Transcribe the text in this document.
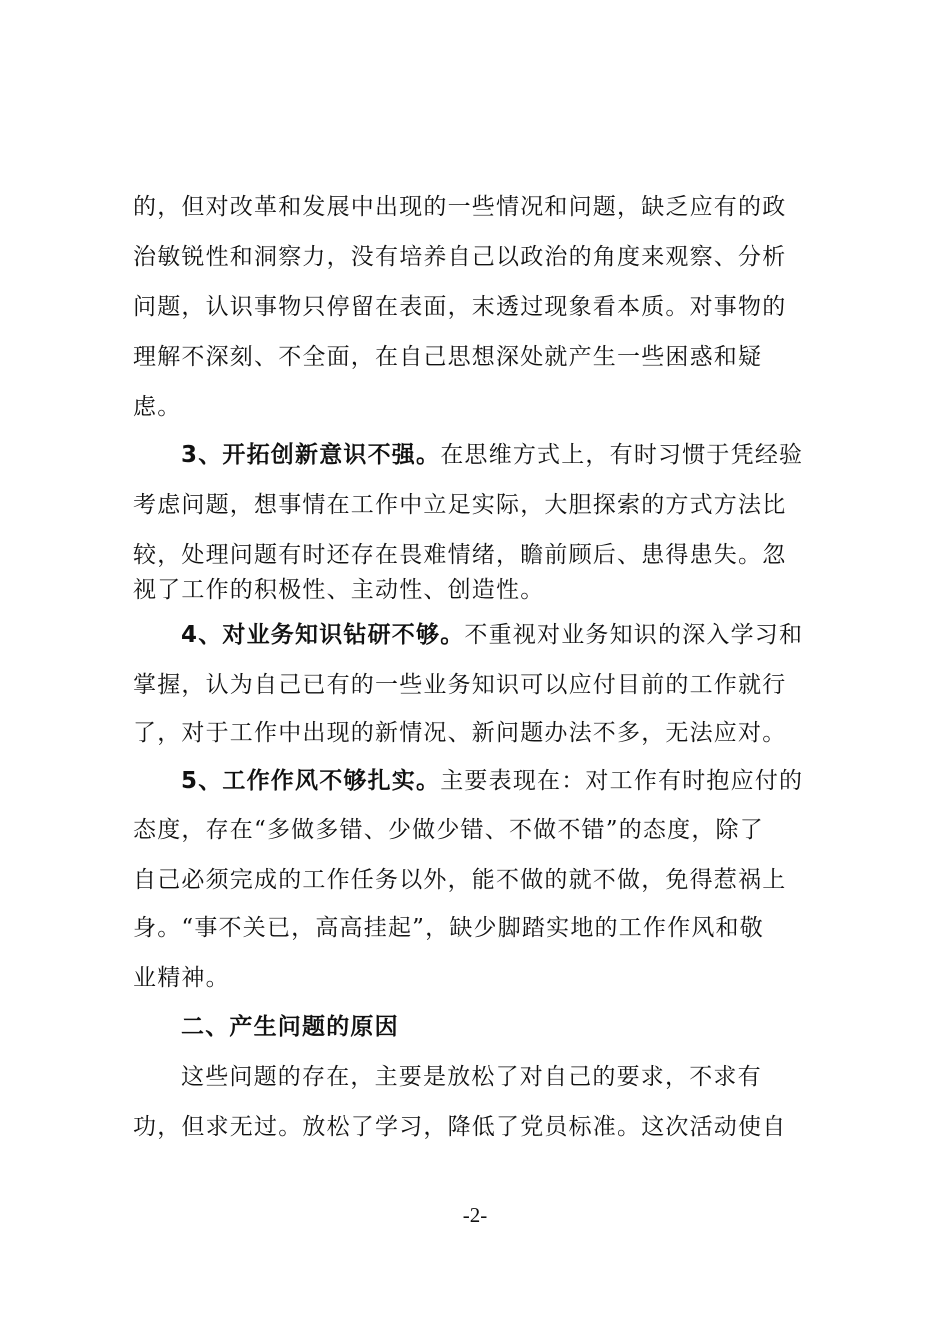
的，但对改革和发展中出现的一些情况和问题，缺乏应有的政
治敏锐性和洞察力，没有培养自己以政治的角度来观察、分析
问题，认识事物只停留在表面，末透过现象看本质。对事物的
理解不深刻、不全面，在自己思想深处就产生一些困惑和疑
虑。
3、开拓创新意识不强。在思维方式上，有时习惯于凭经验
考虑问题，想事情在工作中立足实际，大胆探索的方式方法比
较，处理问题有时还存在畏难情绪，瞻前顾后、患得患失。忽
视了工作的积极性、主动性、创造性。
4、对业务知识钻研不够。不重视对业务知识的深入学习和
掌握，认为自己已有的一些业务知识可以应付目前的工作就行
了，对于工作中出现的新情况、新问题办法不多，无法应对。
5、工作作风不够扎实。主要表现在：对工作有时抱应付的
态度，存在“多做多错、少做少错、不做不错”的态度，除了
自己必须完成的工作任务以外，能不做的就不做，免得惹祸上
身。“事不关已，高高挂起”，缺少脚踏实地的工作作风和敬
业精神。
二、产生问题的原因
这些问题的存在，主要是放松了对自己的要求，不求有
功，但求无过。放松了学习，降低了党员标准。这次活动使自
-2-
